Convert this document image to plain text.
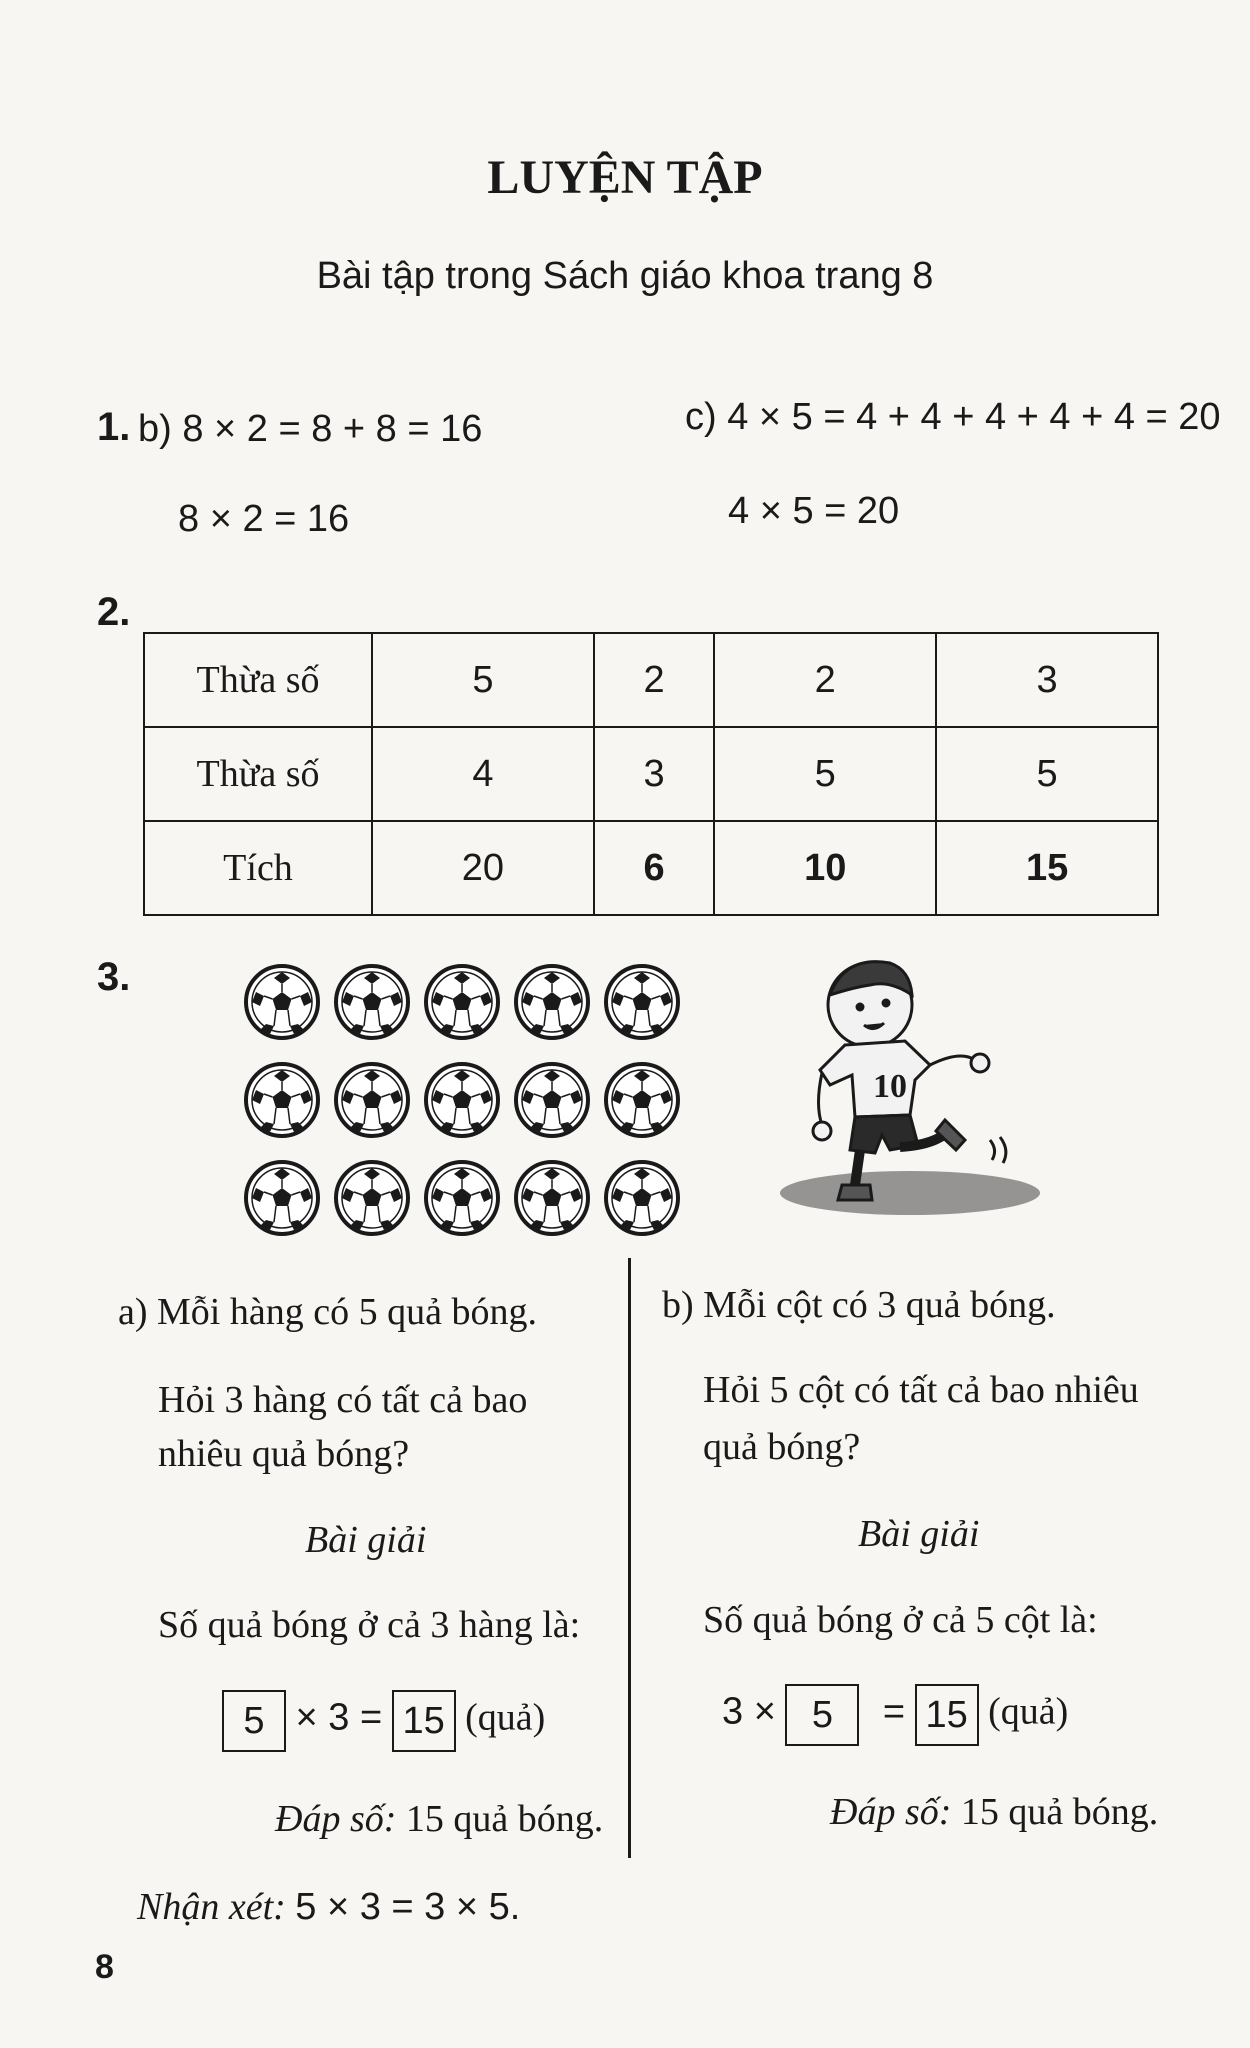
LUYỆN TẬP
Bài tập trong Sách giáo khoa trang 8
1. b) 8 × 2 = 8 + 8 = 16
8 × 2 = 16
c) 4 × 5 = 4 + 4 + 4 + 4 + 4 = 20
4 × 5 = 20
2.
Thừa số	5	2	2	3
Thừa số	4	3	5	5
Tích	20	6	10	15
3.
10
a) Mỗi hàng có 5 quả bóng.
Hỏi 3 hàng có tất cả bao
nhiêu quả bóng?
Bài giải
Số quả bóng ở cả 3 hàng là:
5 × 3 = 15 (quả)
Đáp số: 15 quả bóng.
b) Mỗi cột có 3 quả bóng.
Hỏi 5 cột có tất cả bao nhiêu
quả bóng?
Bài giải
Số quả bóng ở cả 5 cột là:
3 × 5 = 15 (quả)
Đáp số: 15 quả bóng.
Nhận xét: 5 × 3 = 3 × 5.
8
